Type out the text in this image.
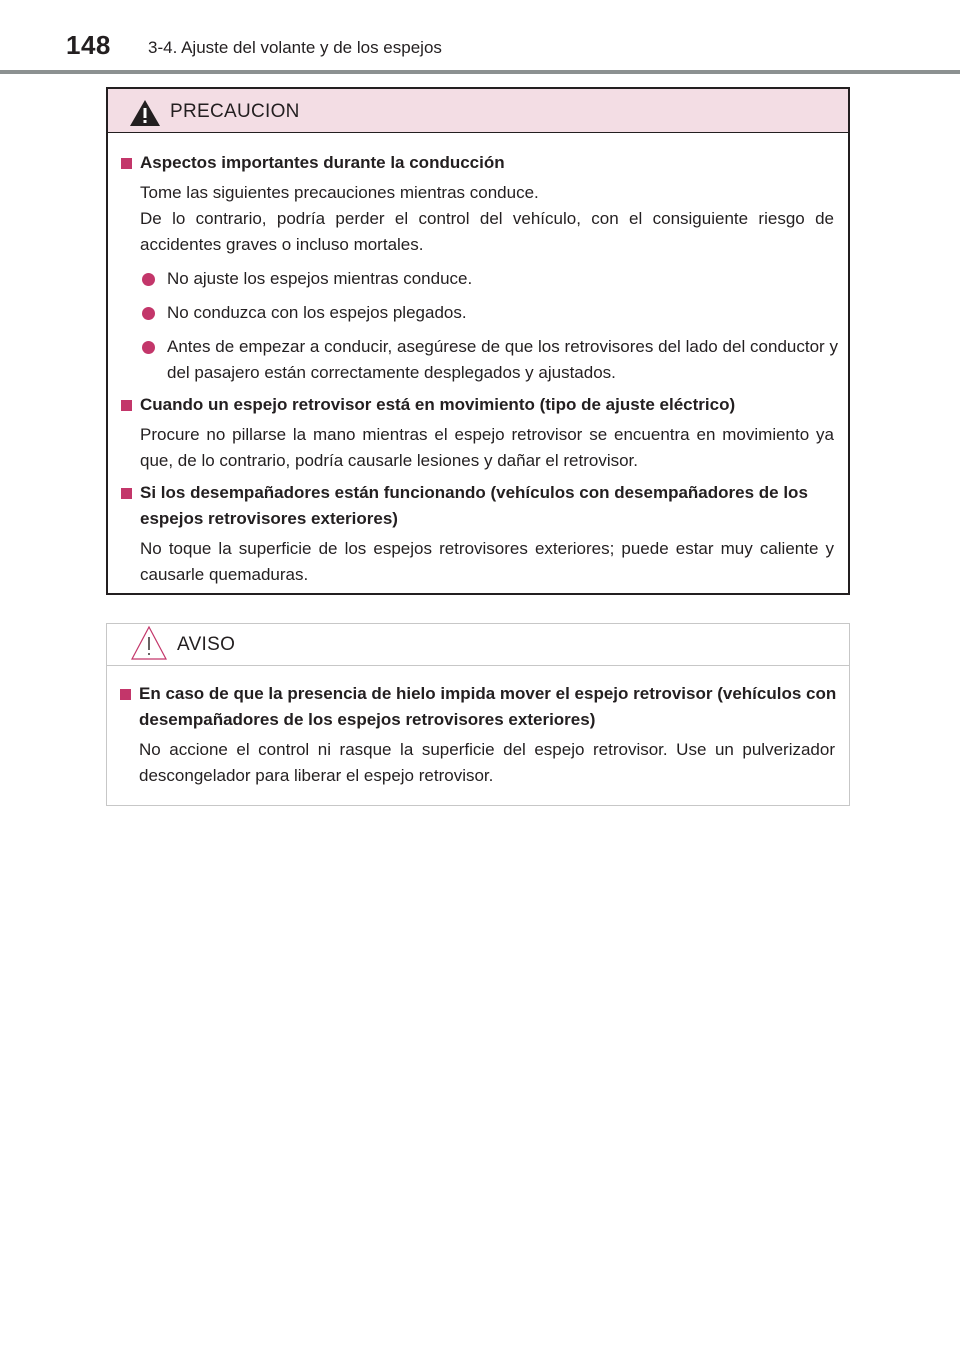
148 3-4. Ajuste del volante y de los espejos
PRECAUCION
Aspectos importantes durante la conducción
Tome las siguientes precauciones mientras conduce.
De lo contrario, podría perder el control del vehículo, con el consiguiente riesgo de accidentes graves o incluso mortales.
No ajuste los espejos mientras conduce.
No conduzca con los espejos plegados.
Antes de empezar a conducir, asegúrese de que los retrovisores del lado del conductor y del pasajero están correctamente desplegados y ajustados.
Cuando un espejo retrovisor está en movimiento (tipo de ajuste eléctrico)
Procure no pillarse la mano mientras el espejo retrovisor se encuentra en movimiento ya que, de lo contrario, podría causarle lesiones y dañar el retrovisor.
Si los desempañadores están funcionando (vehículos con desempañadores de los espejos retrovisores exteriores)
No toque la superficie de los espejos retrovisores exteriores; puede estar muy caliente y causarle quemaduras.
AVISO
En caso de que la presencia de hielo impida mover el espejo retrovisor (vehículos con desempañadores de los espejos retrovisores exteriores)
No accione el control ni rasque la superficie del espejo retrovisor. Use un pulverizador descongelador para liberar el espejo retrovisor.
